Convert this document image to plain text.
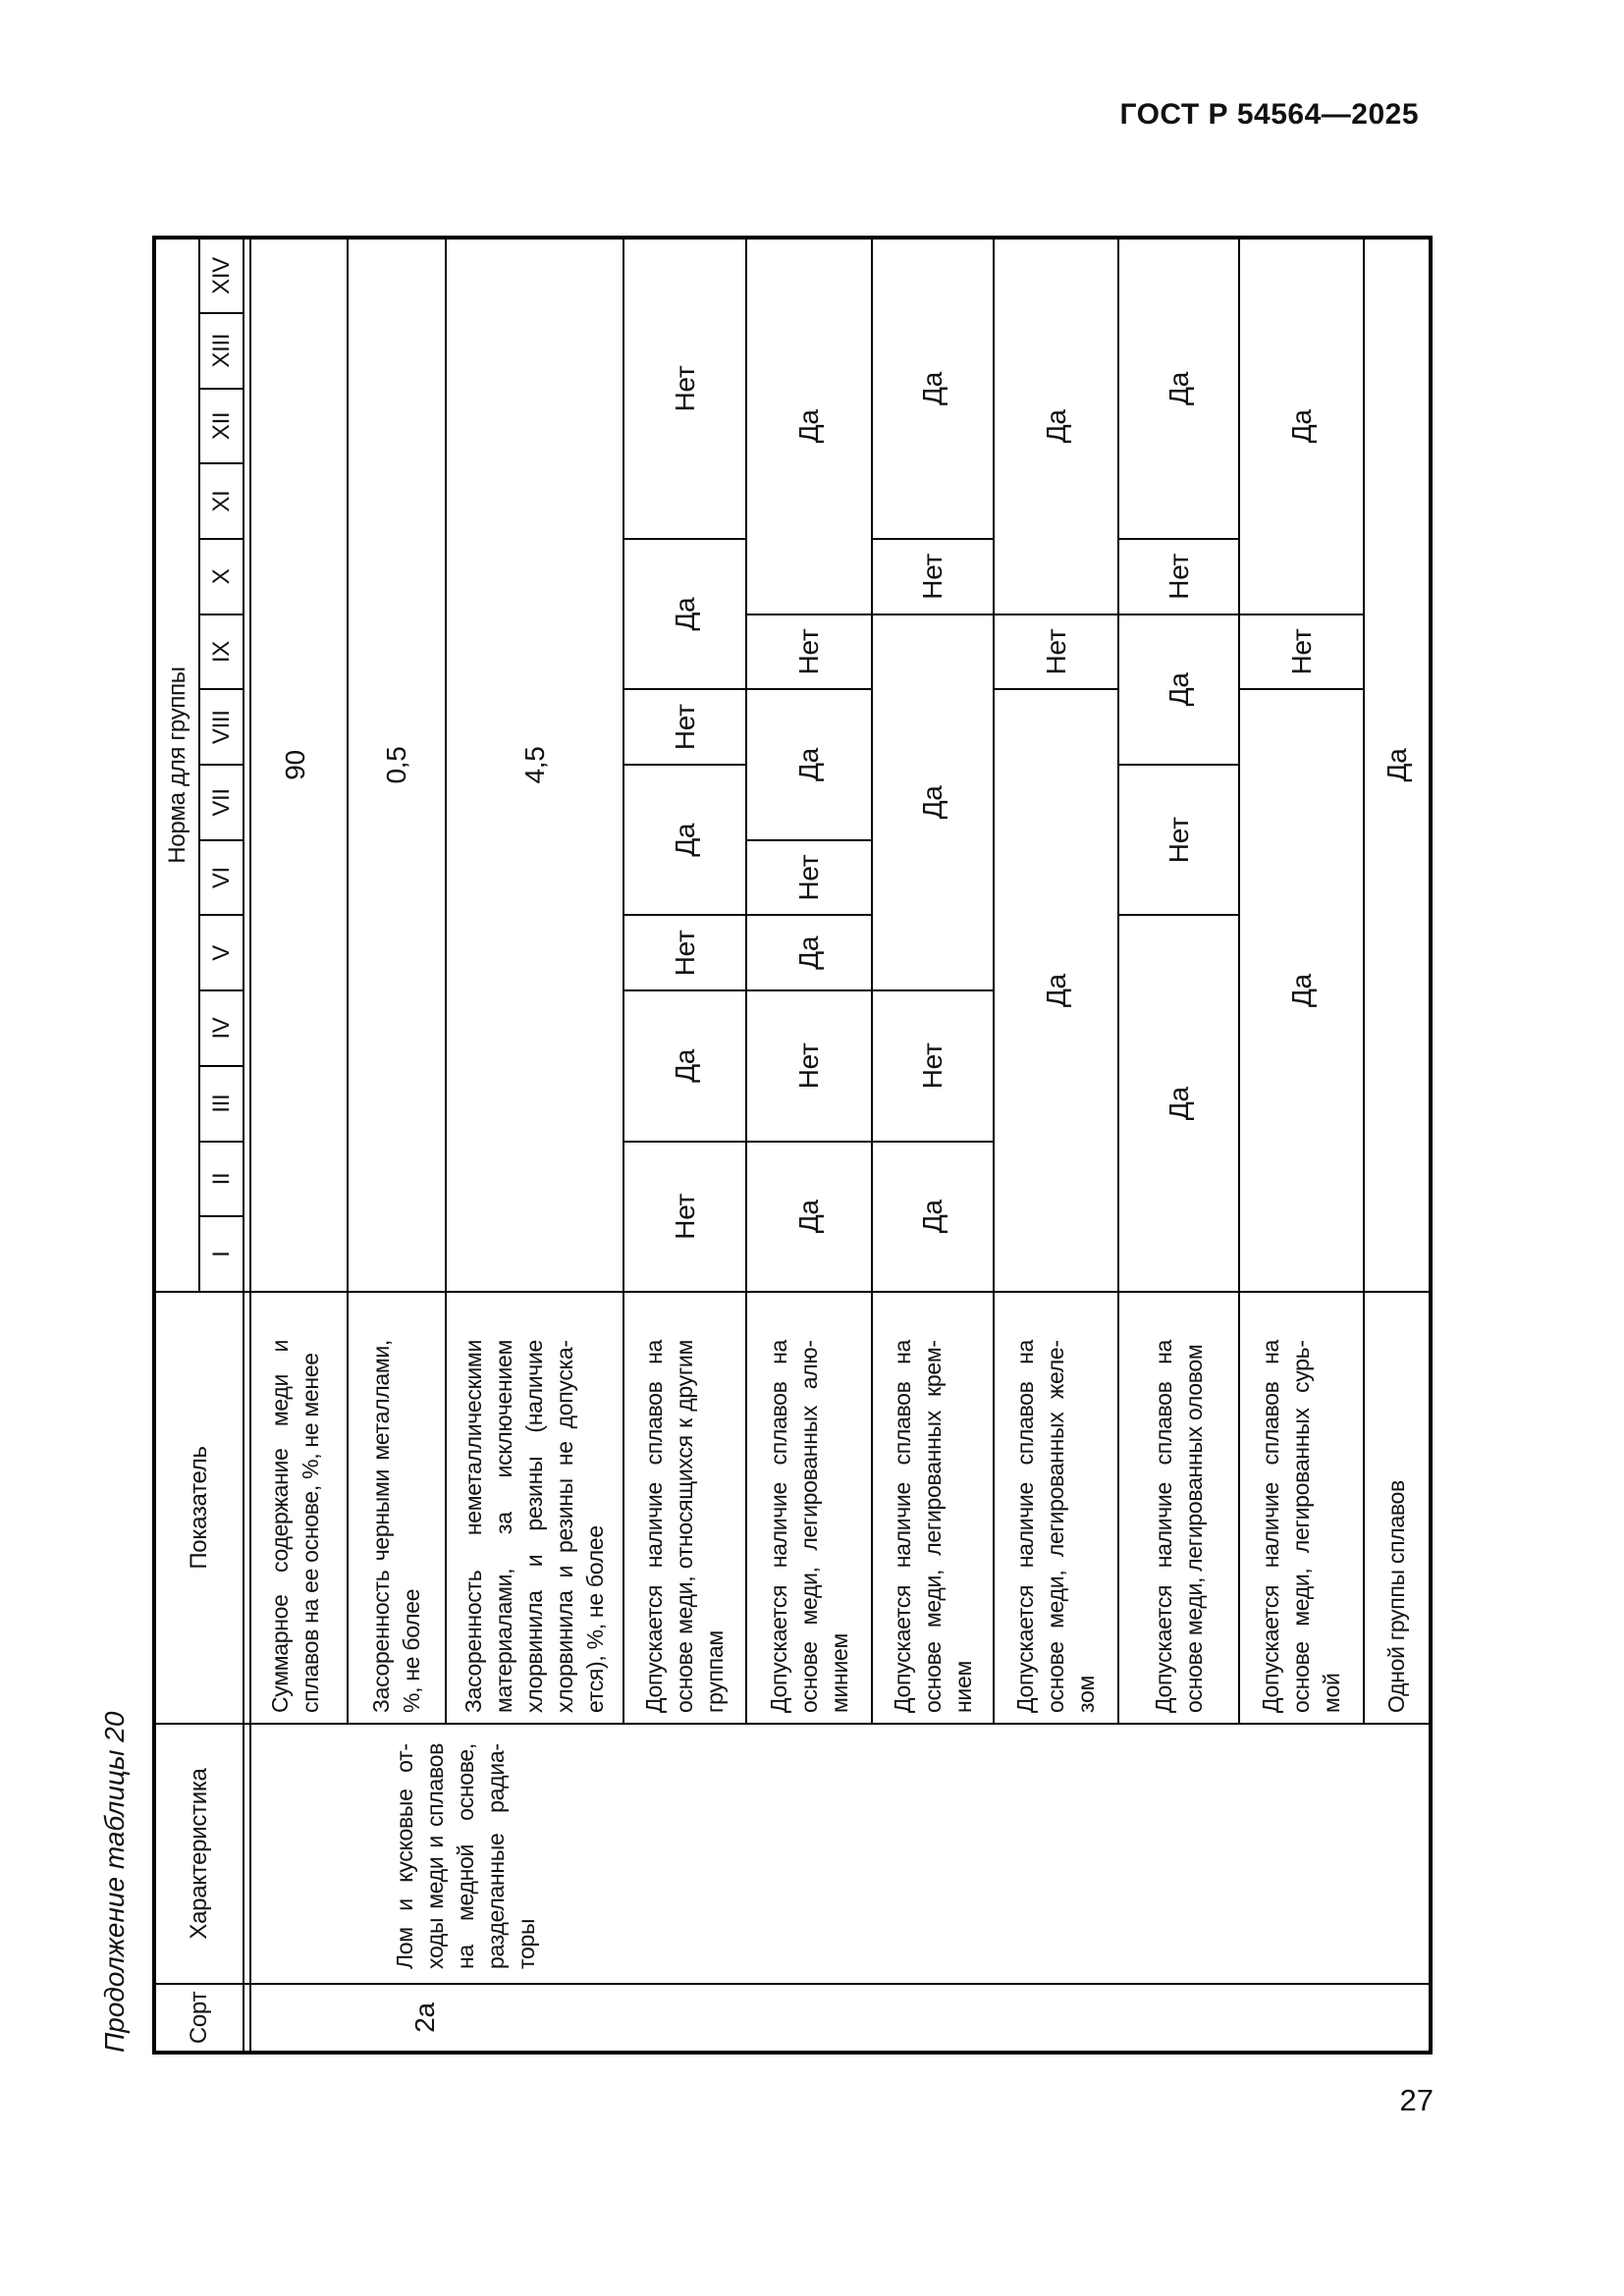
ГОСТ Р 54564—2025
Продолжение таблицы 20 Сорт	Характеристика	Показатель	Норма для группы													
			I	II	III	IV	V	VI	VII	VIII	IX	X	XI	XII	XIII	XIV

2а	Лом и кусковые отходы меди и сплавов на медной основе, разделанные радиаторы	Суммарное содержание меди и сплавов на ее основе, %, не менее	90													

		Засоренность черными металлами, %, не более	0,5													

		Засоренность неметаллическими материалами, за исключением хлорвинила и резины (наличие хлорвинила и резины не допускается), %, не более	4,5													

		Допускается наличие сплавов на основе меди, относящихся к другим группам	Нет		Да		Нет	Да		Нет	Да		Нет			

		Допускается наличие сплавов на основе меди, легированных алюминием	Да		Нет		Да	Нет	Да		Нет	Да				

		Допускается наличие сплавов на основе меди, легированных кремнием	Да		Нет		Да					Нет	Да			

		Допускается наличие сплавов на основе меди, легированных железом	Да								Нет	Да				

		Допускается наличие сплавов на основе меди, легированных оловом	Да					Нет		Да		Нет	Да			

		Допускается наличие сплавов на основе меди, легированных сурьмой	Да								Нет	Да				

		Одной группы сплавов	Да													
27
